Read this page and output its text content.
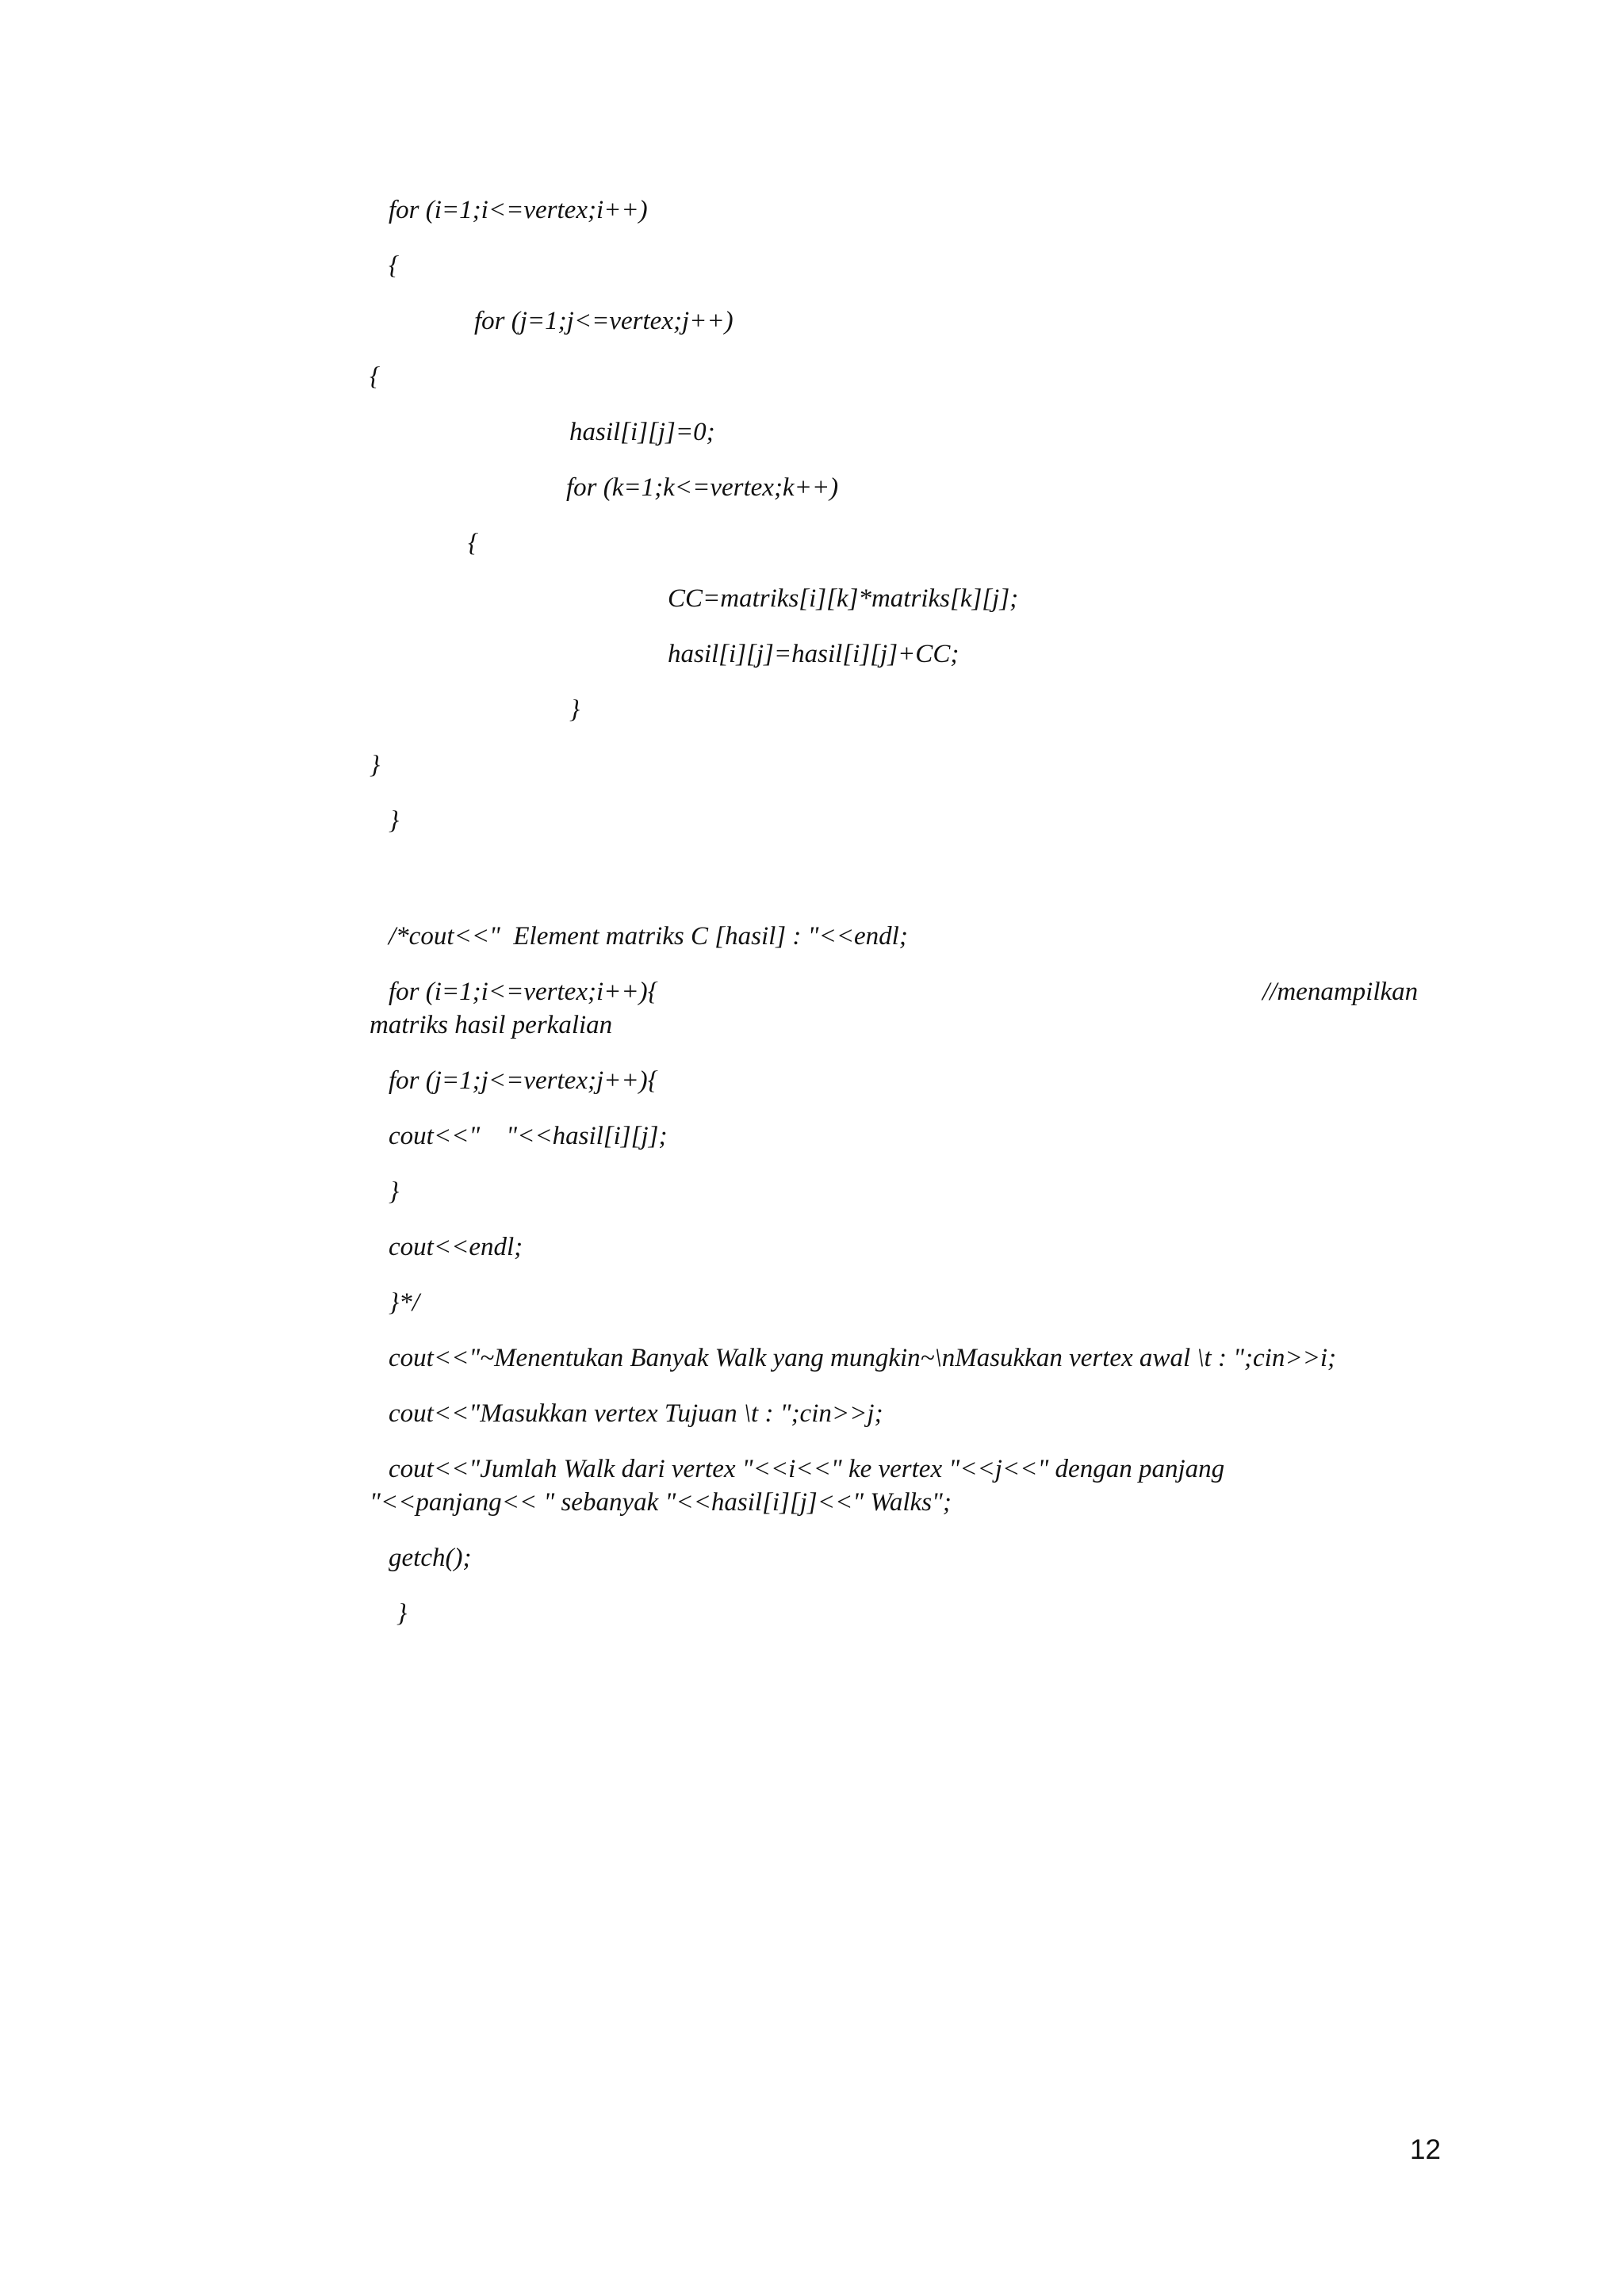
for (i=1;i<=vertex;i++)

{

for (j=1;j<=vertex;j++)

{

hasil[i][j]=0;

for (k=1;k<=vertex;k++)

{

CC=matriks[i][k]*matriks[k][j];

hasil[i][j]=hasil[i][j]+CC;

}

}

}

/*cout<<"  Element matriks C [hasil] : "<<endl;

for (i=1;i<=vertex;i++){	//menampilkan

matriks hasil perkalian

for (j=1;j<=vertex;j++){

cout<<"    "<<hasil[i][j];

}

cout<<endl;

}*/

cout<<"~Menentukan Banyak Walk yang mungkin~\nMasukkan vertex awal \t : ";cin>>i;

cout<<"Masukkan vertex Tujuan \t : ";cin>>j;

cout<<"Jumlah Walk dari vertex "<<i<<" ke vertex "<<j<<" dengan panjang

"<<panjang<< " sebanyak "<<hasil[i][j]<<" Walks";

getch();

}

12
